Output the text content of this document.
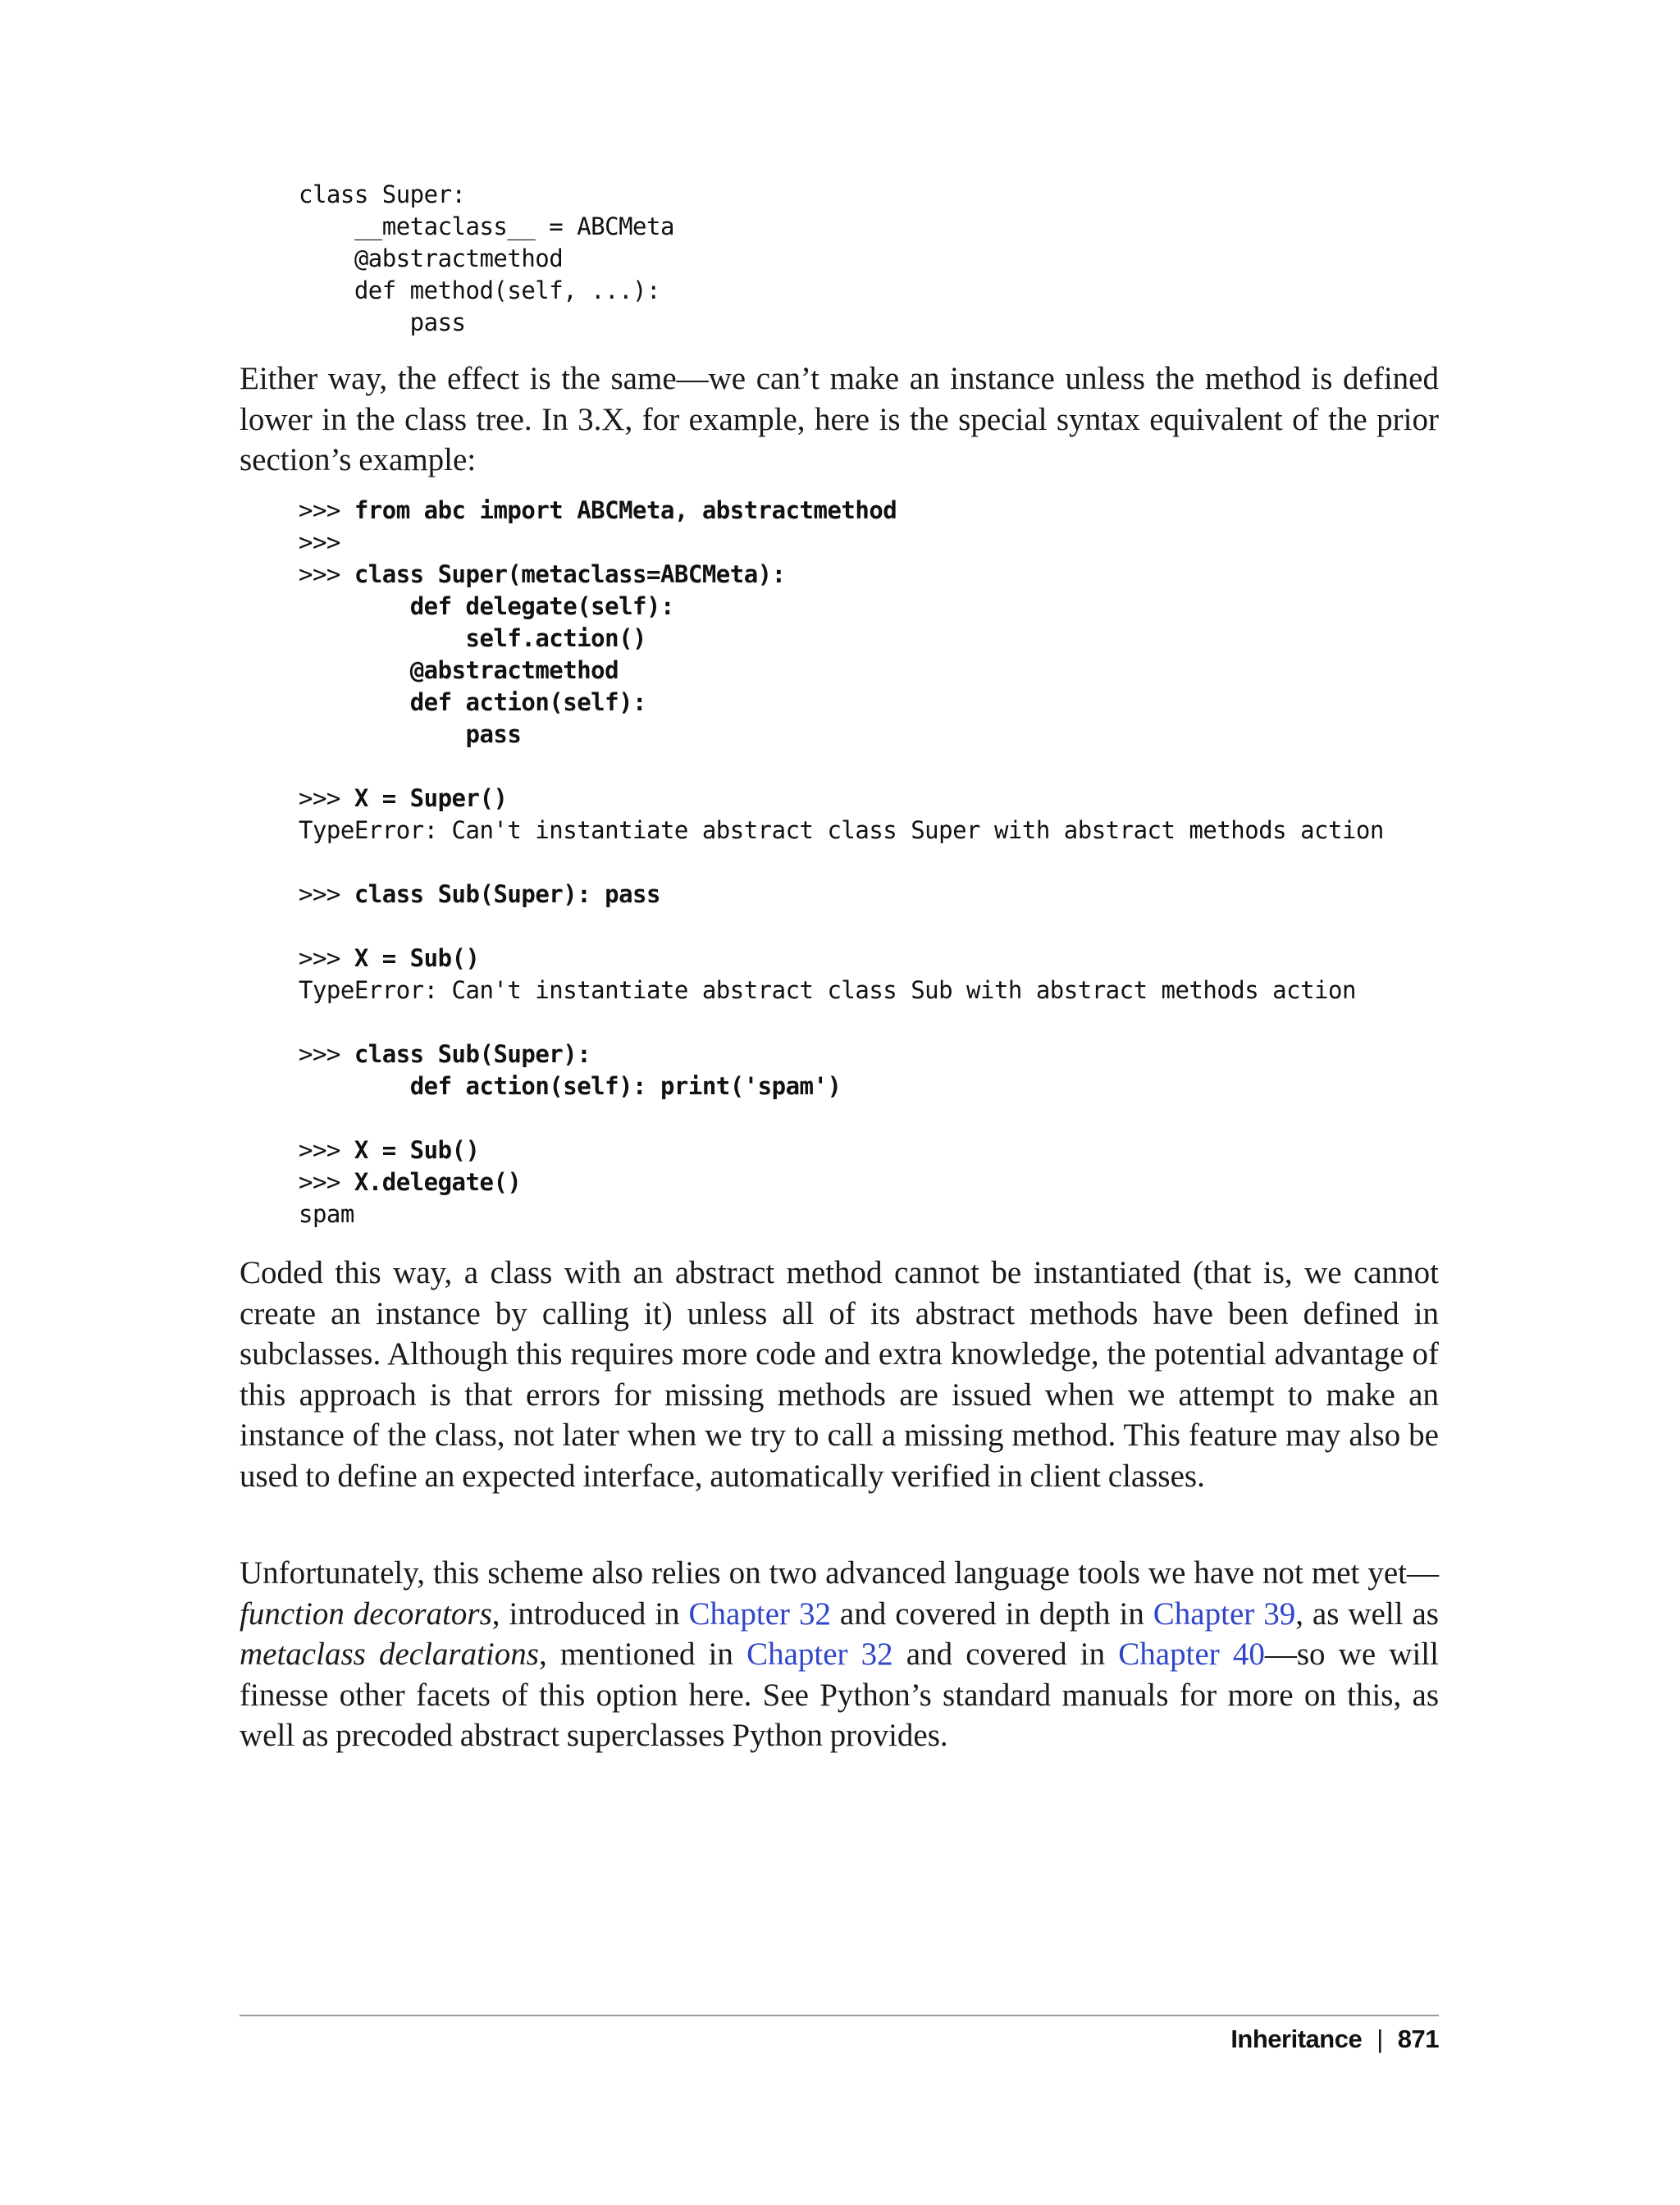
class Super:
__metaclass__ = ABCMeta
@abstractmethod
def method(self, ...):
pass

Either way, the effect is the same—we can’t make an instance unless the method is defined lower in the class tree. In 3.X, for example, here is the special syntax equivalent of the prior section’s example:

>>> from abc import ABCMeta, abstractmethod
>>>
>>> class Super(metaclass=ABCMeta):
def delegate(self):
self.action()
@abstractmethod
def action(self):
pass
>>> X = Super()
TypeError: Can't instantiate abstract class Super with abstract methods action
>>> class Sub(Super): pass
>>> X = Sub()
TypeError: Can't instantiate abstract class Sub with abstract methods action
>>> class Sub(Super):
def action(self): print('spam')
>>> X = Sub()
>>> X.delegate()
spam

Coded this way, a class with an abstract method cannot be instantiated (that is, we cannot create an instance by calling it) unless all of its abstract methods have been defined in subclasses. Although this requires more code and extra knowledge, the potential advantage of this approach is that errors for missing methods are issued when we attempt to make an instance of the class, not later when we try to call a missing method. This feature may also be used to define an expected interface, automatically verified in client classes.

Unfortunately, this scheme also relies on two advanced language tools we have not met yet—function decorators, introduced in Chapter 32 and covered in depth in Chapter 39, as well as metaclass declarations, mentioned in Chapter 32 and covered in Chapter 40—so we will finesse other facets of this option here. See Python’s standard manuals for more on this, as well as precoded abstract superclasses Python provides.

Inheritance | 871
